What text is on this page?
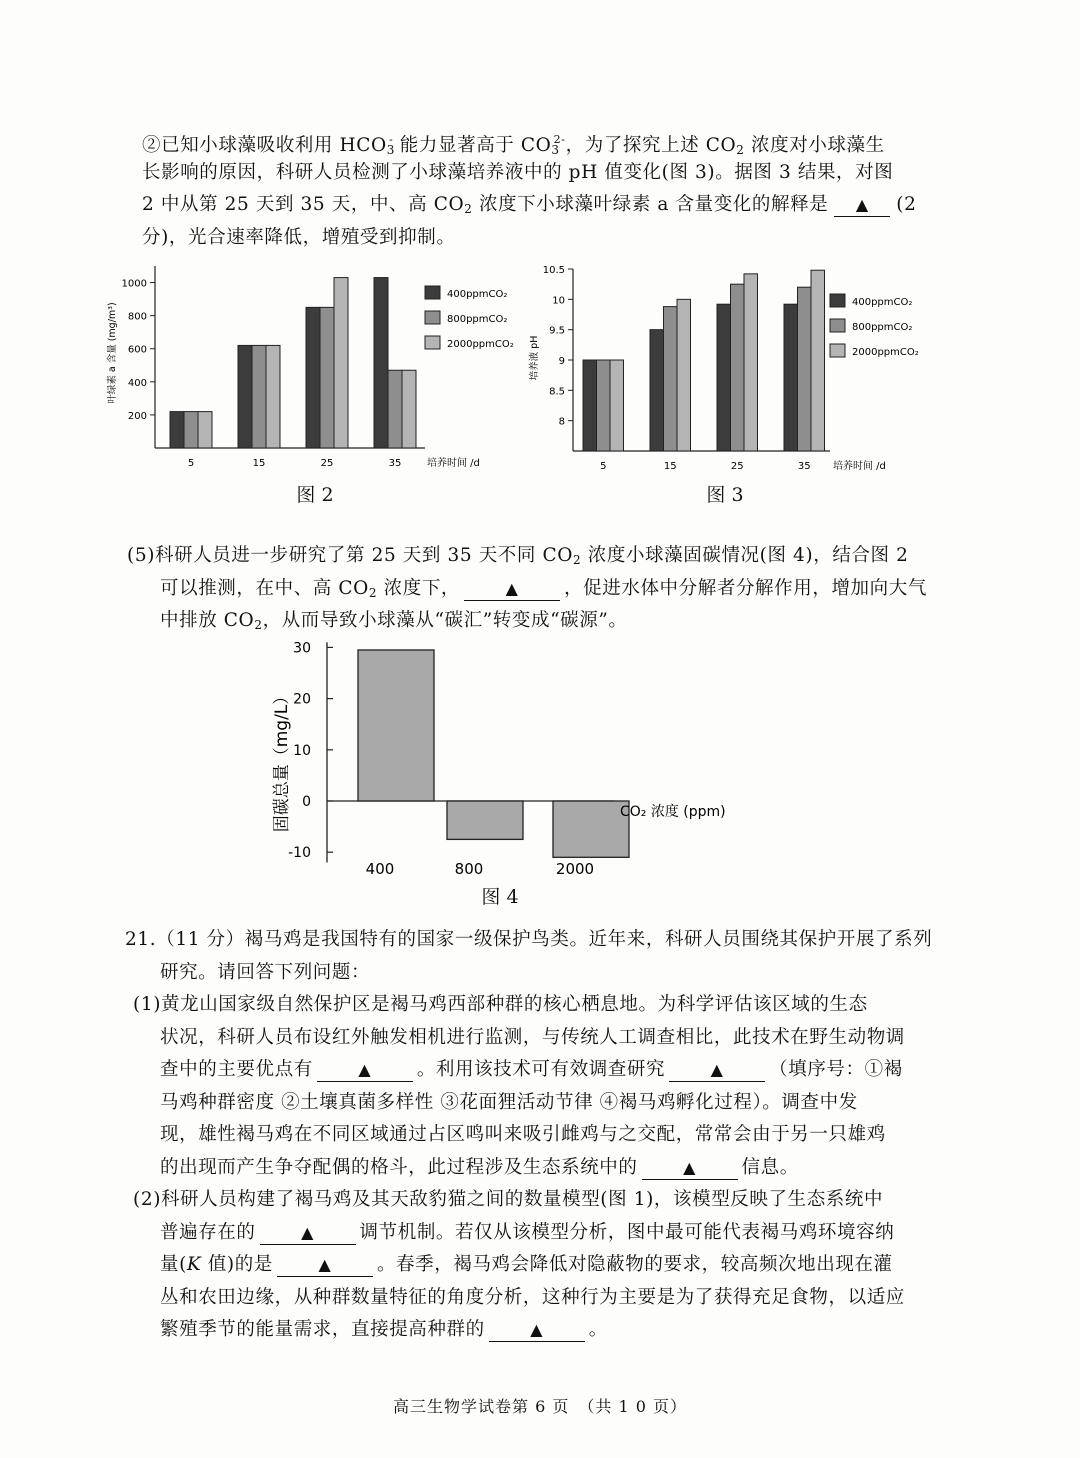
②已知小球藻吸收利用 $HCO_3^-$ 能力显著高于 $CO_3^{2-}$，为了探究上述 $CO_2$ 浓度对小球藻生
长影响的原因，科研人员检测了小球藻培养液中的 pH 值变化(图 3)。据图 3 结果，对图
2 中从第 25 天到 35 天，中、高 $CO_2$ 浓度下小球藻叶绿素 a 含量变化的解释是 ▲ (2
分)，光合速率降低，增殖受到抑制。
200
400
600
800
1000
5	15	25	35	培养时间 /d
叶绿素 a 含量 (mg/m³)
400ppmCO₂
800ppmCO₂
2000ppmCO₂
图 2
8
8.5
9
9.5
10
10.5
5	15	25	35 培养时间 /d
培养液 pH
400ppmCO₂
800ppmCO₂
2000ppmCO₂
图 3
(5)科研人员进一步研究了第 25 天到 35 天不同 $CO_2$ 浓度小球藻固碳情况(图 4)，结合图 2
可以推测，在中、高 $CO_2$ 浓度下，	▲ ，促进水体中分解者分解作用，增加向大气
中排放 $CO_2$，从而导致小球藻从“碳汇”转变成“碳源”。
30
20
10
0
-10
400	800	2000
CO₂ 浓度 (ppm)
固碳总量（mg/L）
图 4
21.（11 分）褐马鸡是我国特有的国家一级保护鸟类。近年来，科研人员围绕其保护开展了系列
研究。请回答下列问题：
(1)黄龙山国家级自然保护区是褐马鸡西部种群的核心栖息地。为科学评估该区域的生态
状况，科研人员布设红外触发相机进行监测，与传统人工调查相比，此技术在野生动物调
查中的主要优点有	▲ 。利用该技术可有效调查研究	▲ （填序号：①褐
马鸡种群密度 ②土壤真菌多样性 ③花面狸活动节律 ④褐马鸡孵化过程）。调查中发
现，雄性褐马鸡在不同区域通过占区鸣叫来吸引雌鸡与之交配，常常会由于另一只雄鸡
的出现而产生争夺配偶的格斗，此过程涉及生态系统中的	▲ 信息。
(2)科研人员构建了褐马鸡及其天敌豹猫之间的数量模型(图 1)，该模型反映了生态系统中
普遍存在的	▲ 调节机制。若仅从该模型分析，图中最可能代表褐马鸡环境容纳
量(K 值)的是	▲ 。春季，褐马鸡会降低对隐蔽物的要求，较高频次地出现在灌
丛和农田边缘，从种群数量特征的角度分析，这种行为主要是为了获得充足食物，以适应
繁殖季节的能量需求，直接提高种群的	▲ 。
高三生物学试卷第 6 页　（共 1 0 页）
